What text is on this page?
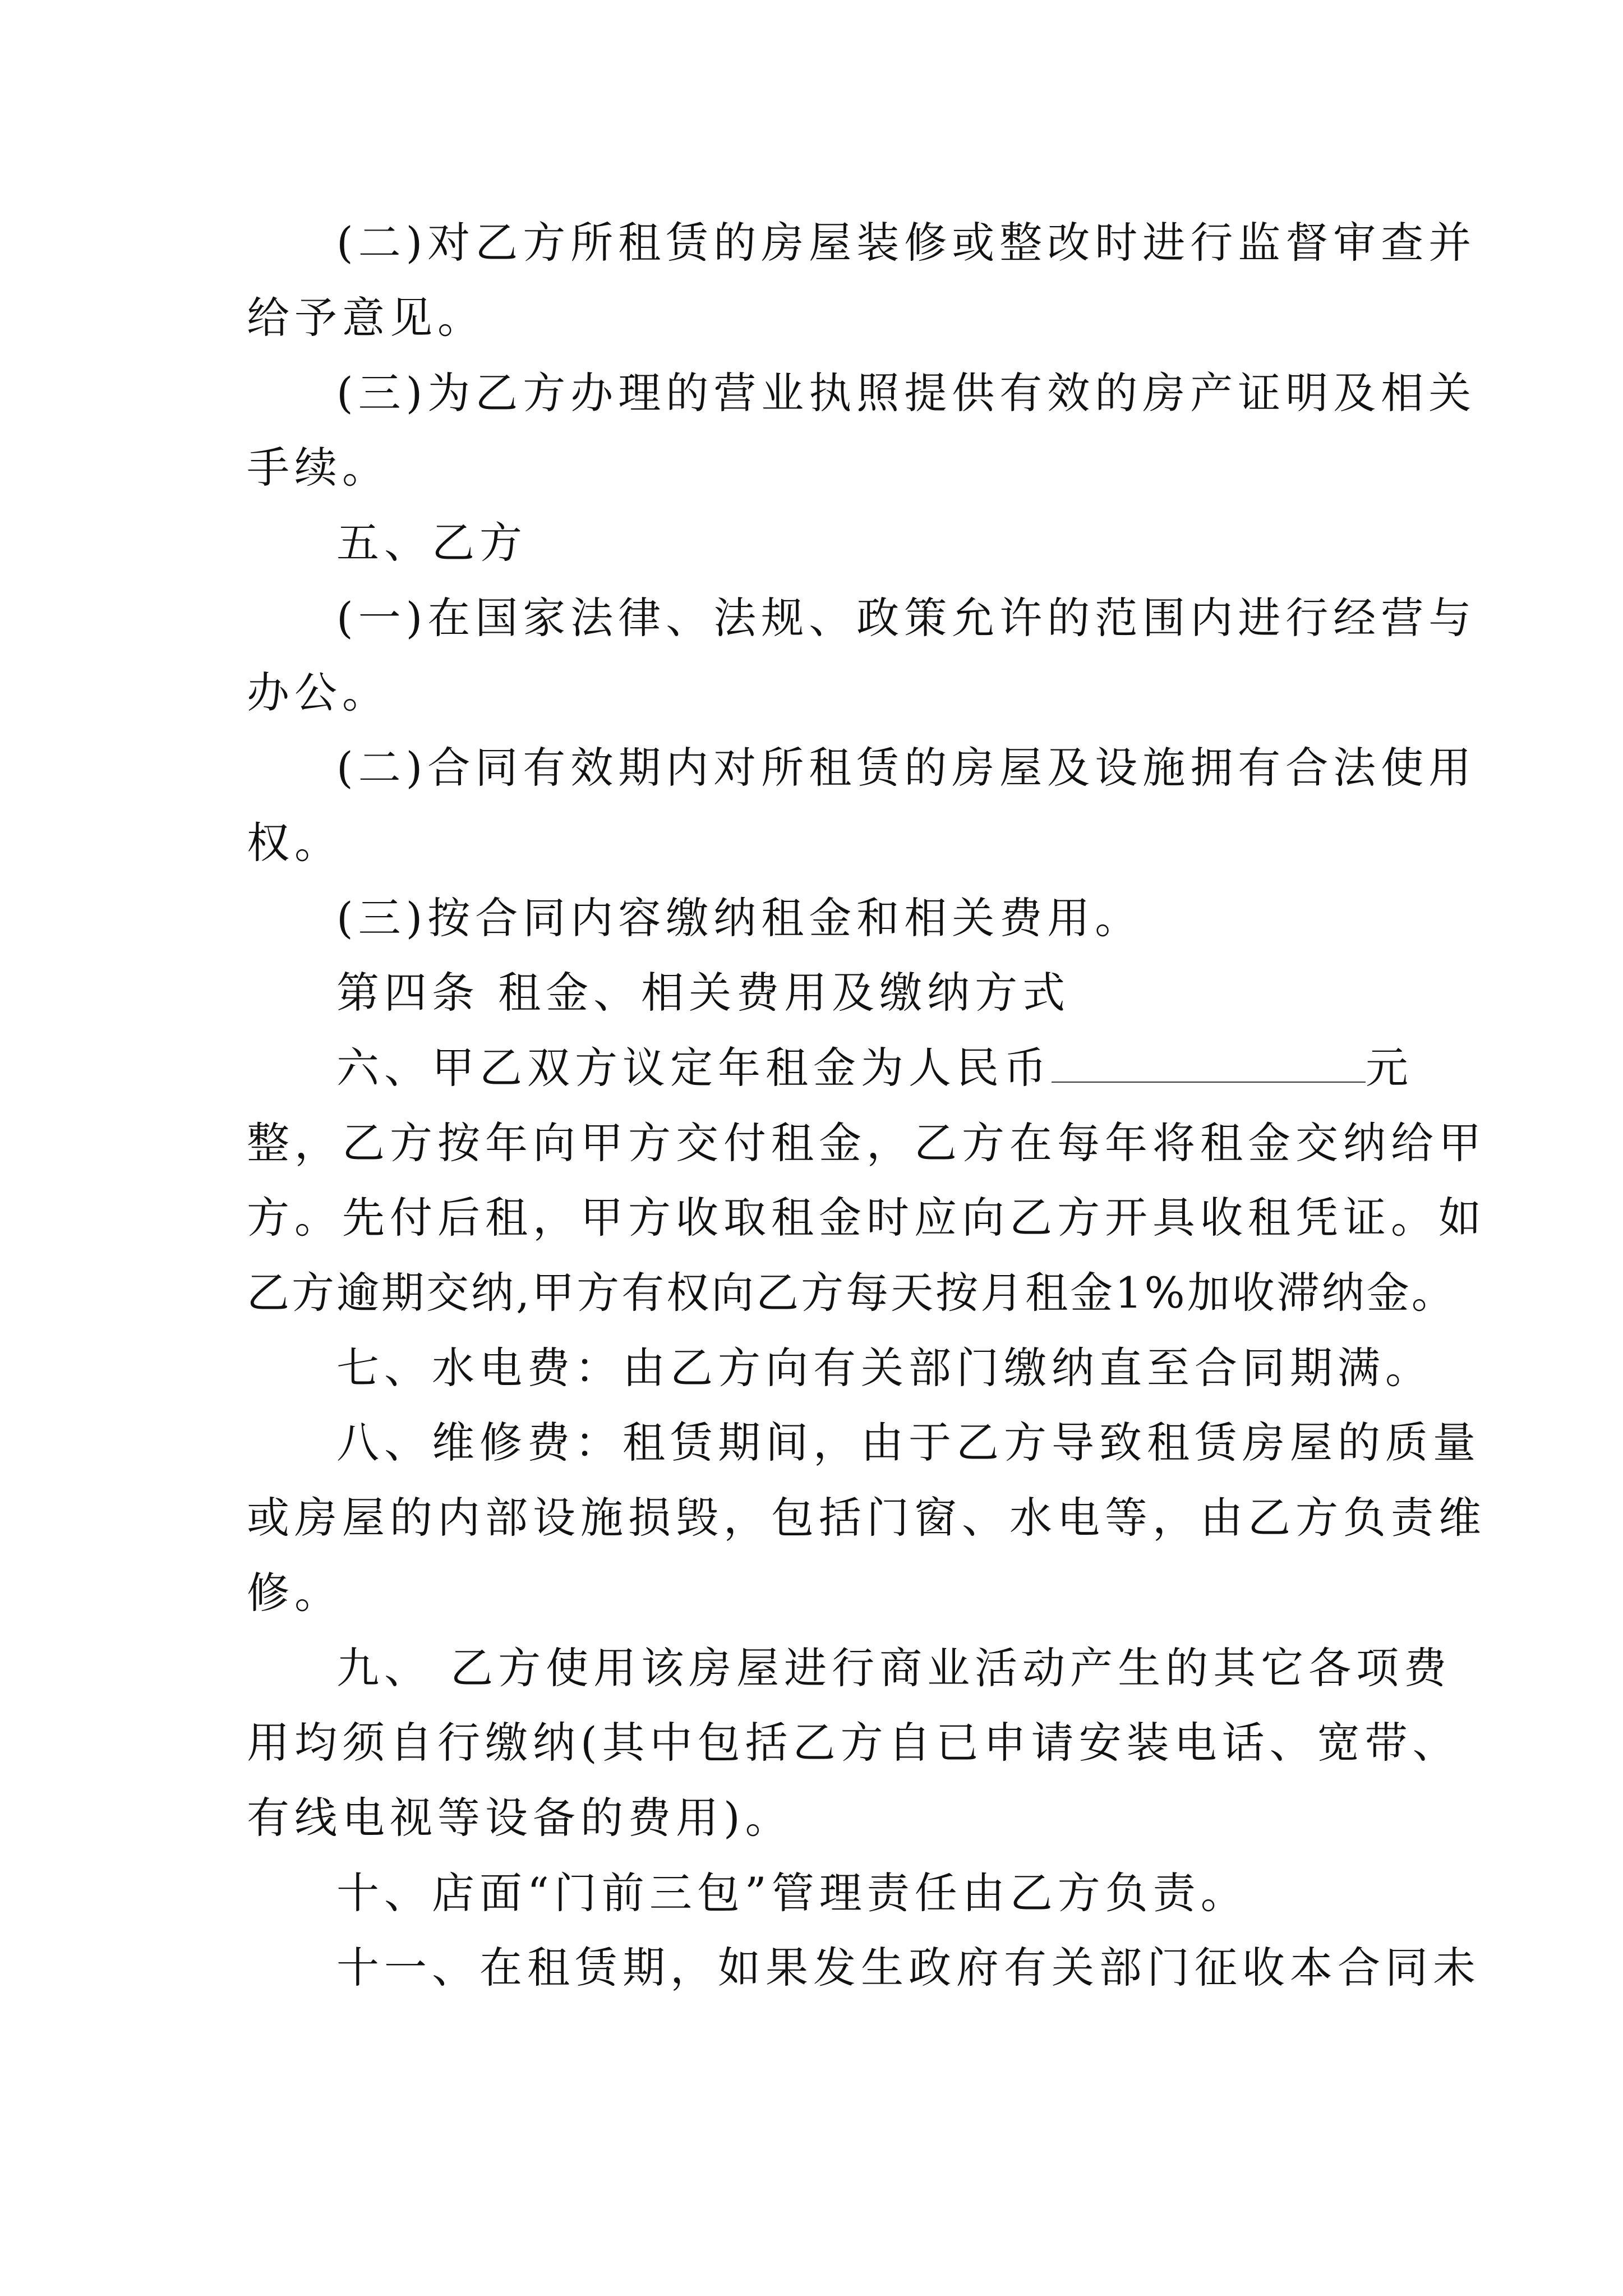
(二)对乙方所租赁的房屋装修或整改时进行监督审查并
给予意见。
(三)为乙方办理的营业执照提供有效的房产证明及相关
手续。
五、乙方
(一)在国家法律、法规、政策允许的范围内进行经营与
办公。
(二)合同有效期内对所租赁的房屋及设施拥有合法使用
权。
(三)按合同内容缴纳租金和相关费用。
第四条 租金、相关费用及缴纳方式
六、甲乙双方议定年租金为人民币	元
整，乙方按年向甲方交付租金，乙方在每年将租金交纳给甲
方。先付后租，甲方收取租金时应向乙方开具收租凭证。如
乙方逾期交纳,甲方有权向乙方每天按月租金1%加收滞纳金。
七、水电费：由乙方向有关部门缴纳直至合同期满。
八、维修费：租赁期间，由于乙方导致租赁房屋的质量
或房屋的内部设施损毁，包括门窗、水电等，由乙方负责维
修。
九、 乙方使用该房屋进行商业活动产生的其它各项费
用均须自行缴纳(其中包括乙方自已申请安装电话、宽带、
有线电视等设备的费用)。
十、店面“门前三包”管理责任由乙方负责。
十一、在租赁期，如果发生政府有关部门征收本合同未
